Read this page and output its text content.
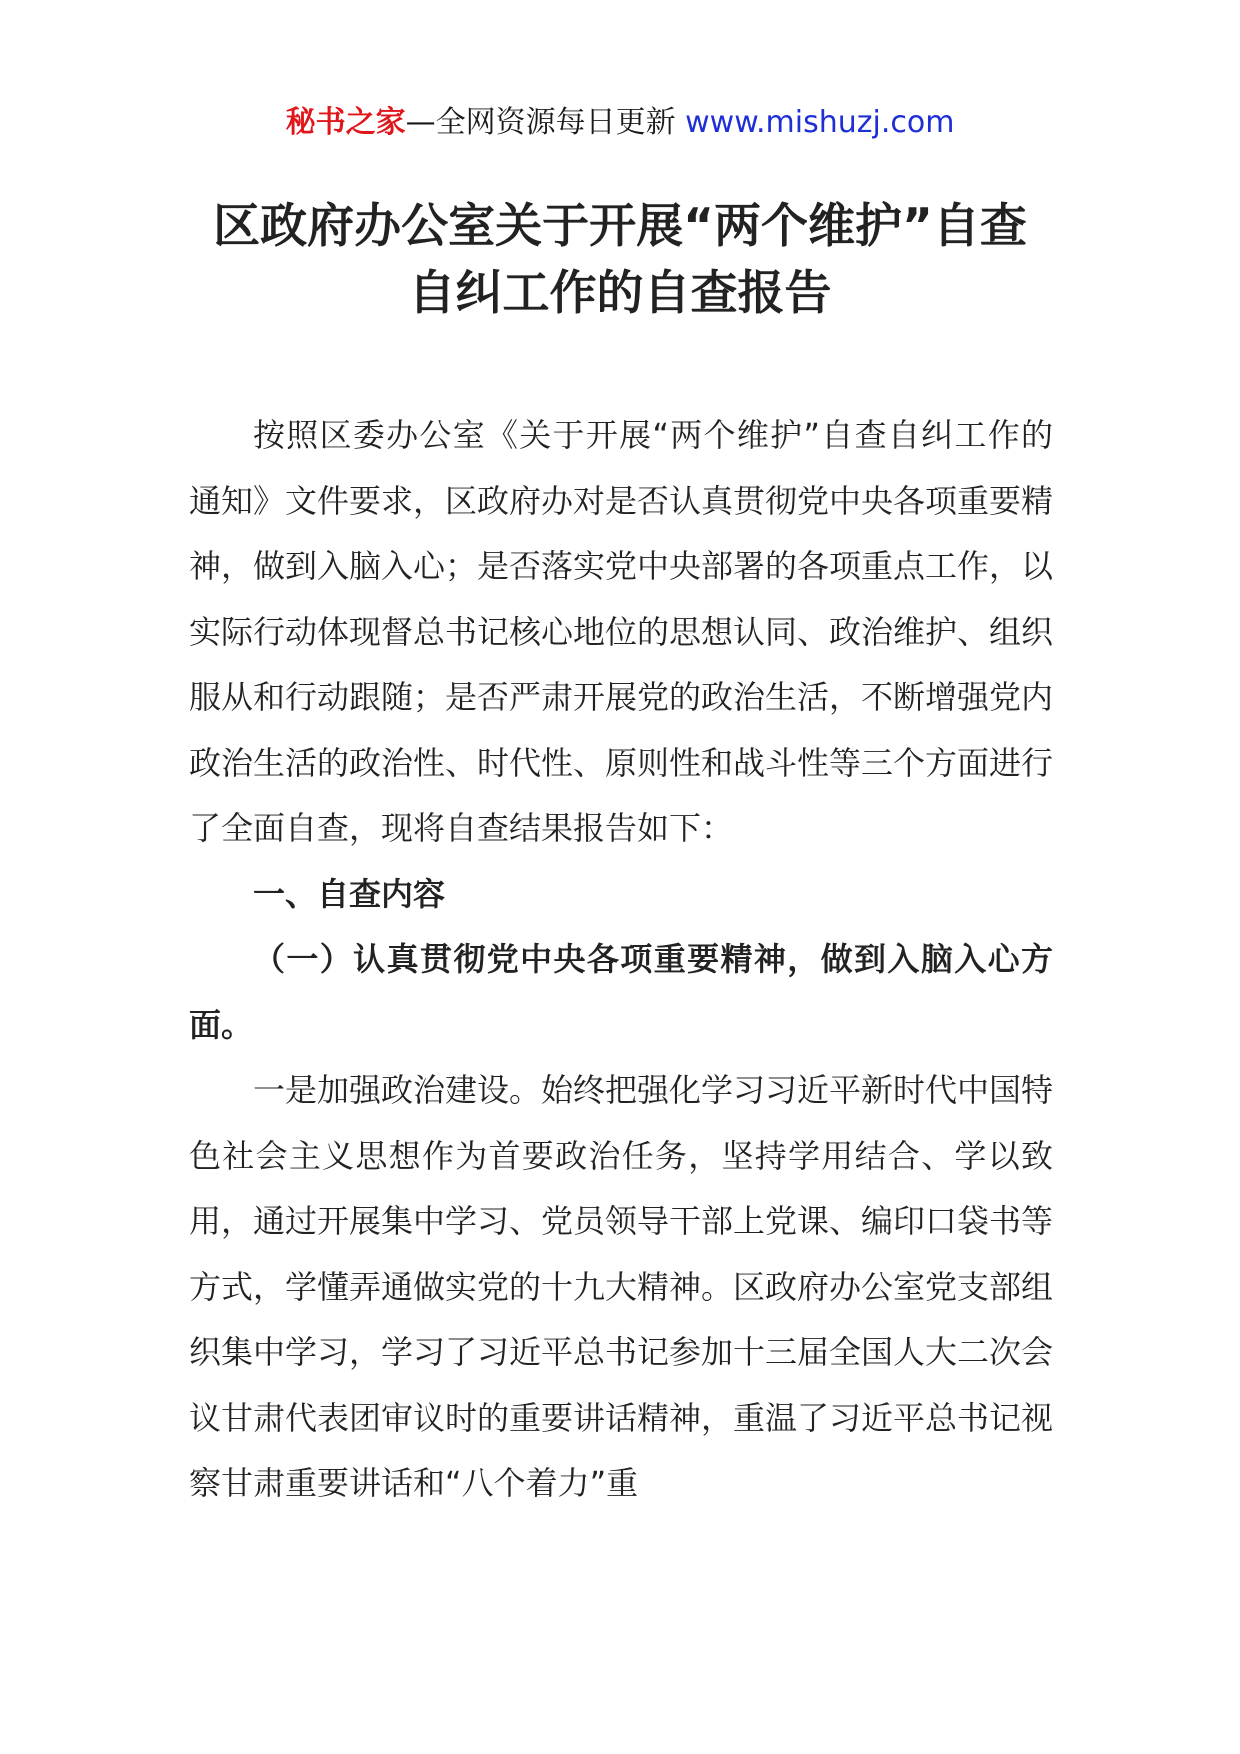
秘书之家—全网资源每日更新 www.mishuzj.com
区政府办公室关于开展“两个维护”自查
自纠工作的自查报告

按照区委办公室《关于开展“两个维护”自查自纠工作的通知》文件要求，区政府办对是否认真贯彻党中央各项重要精神，做到入脑入心；是否落实党中央部署的各项重点工作，以实际行动体现督总书记核心地位的思想认同、政治维护、组织服从和行动跟随；是否严肃开展党的政治生活，不断增强党内政治生活的政治性、时代性、原则性和战斗性等三个方面进行了全面自查，现将自查结果报告如下：

一、自查内容

（一）认真贯彻党中央各项重要精神，做到入脑入心方面。

一是加强政治建设。始终把强化学习习近平新时代中国特色社会主义思想作为首要政治任务，坚持学用结合、学以致用，通过开展集中学习、党员领导干部上党课、编印口袋书等方式，学懂弄通做实党的十九大精神。区政府办公室党支部组织集中学习，学习了习近平总书记参加十三届全国人大二次会议甘肃代表团审议时的重要讲话精神，重温了习近平总书记视察甘肃重要讲话和“八个着力”重
